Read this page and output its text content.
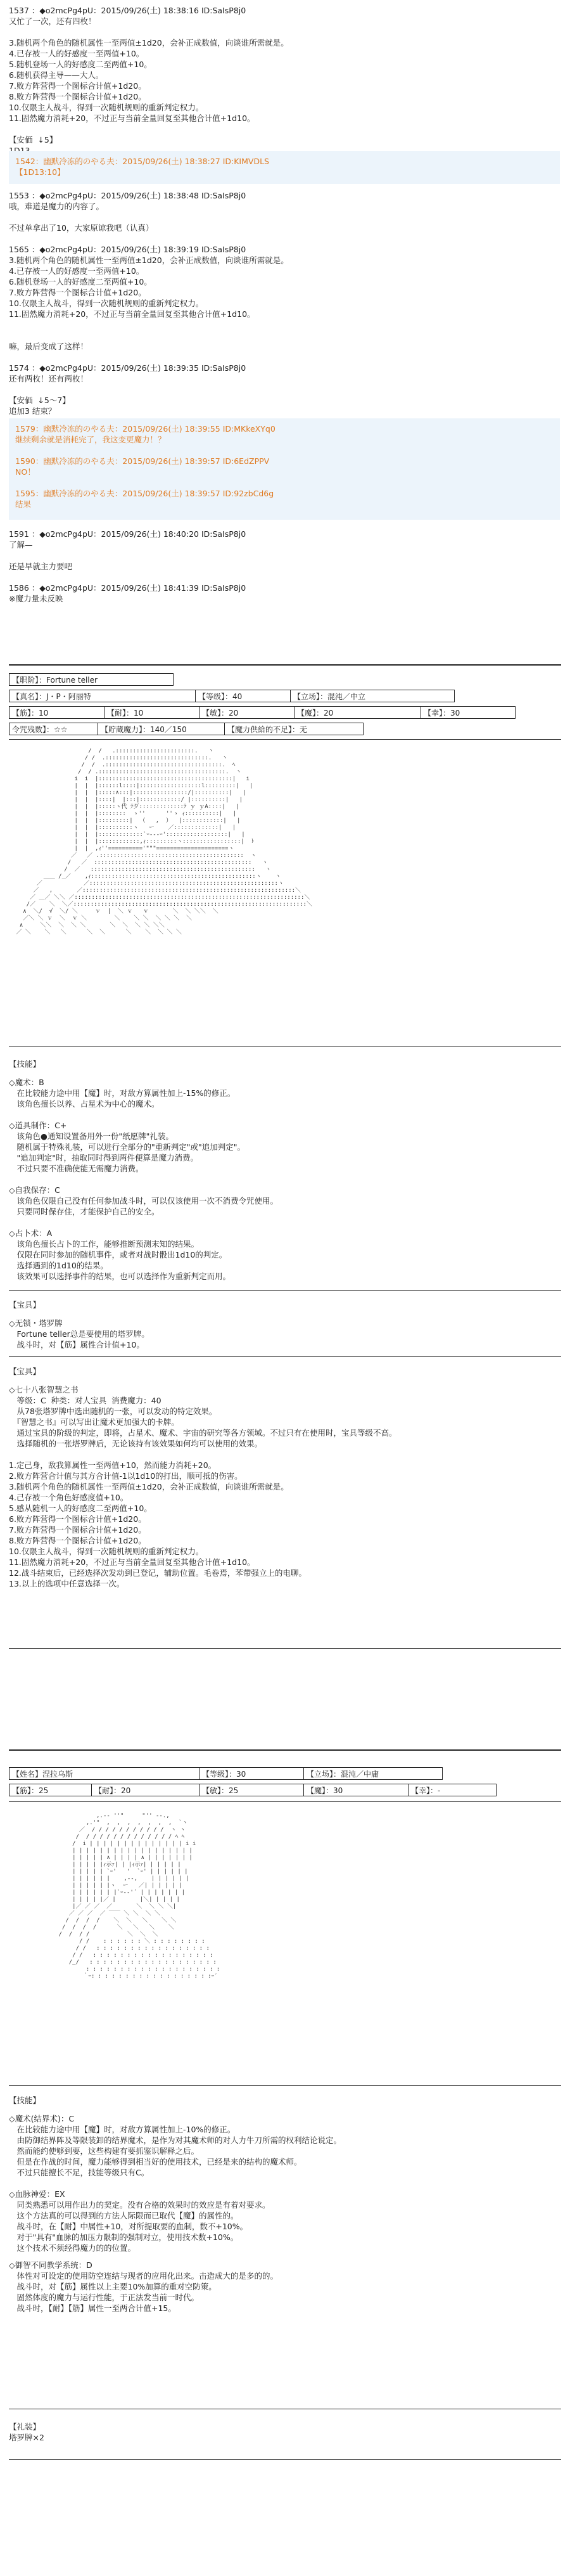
1537 ：◆o2mcPg4pU：2015/09/26(土) 18:38:16 ID:SaIsP8j0
又忙了一次，还有四枚！
3.随机两个角色的随机属性一至两值±1d20，会补正成数值，向谈谁所需就是。
4.已存被一人的好感度一至两值+10。
5.随机登场一人的好感度二至两值+10。
6.随机获得主导——大人。
7.败方阵营得一个图标合计值+1d20。
8.败方阵营得一个图标合计值+1d20。
10.仅限主人战斗，得到一次随机规则的重新判定权力。
11.固然魔力消耗+20，不过正与当前全量回复至其他合计值+1d10。
【安価  ↓5】
1542：幽默冷冻的のやる夫：2015/09/26(土) 18:38:27 ID:KIMVDLS
【1D13:10】
1553 ：◆o2mcPg4pU：2015/09/26(土) 18:38:48 ID:SaIsP8j0
哦，难道是魔力的内容了。
不过单拿出了10，大家原谅我吧（认真）
1565 ：◆o2mcPg4pU：2015/09/26(土) 18:39:19 ID:SaIsP8j0
3.随机两个角色的随机属性一至两值±1d20，会补正成数值，向谈谁所需就是。
4.已存被一人的好感度一至两值+10。
6.随机登场一人的好感度二至两值+10。
7.败方阵营得一个图标合计值+1d20。
10.仅限主人战斗，得到一次随机规则的重新判定权力。
11.固然魔力消耗+20，不过正与当前全量回复至其他合计值+1d10。
嘛，最后变成了这样！
1574 ：◆o2mcPg4pU：2015/09/26(土) 18:39:35 ID:SaIsP8j0
还有两枚！还有两枚！
【安価  ↓5～7】
追加3 结束？
1579：幽默冷冻的のやる夫：2015/09/26(土) 18:39:55 ID:MKkeXYq0
继续剩余就是消耗完了，我这变更魔力！？
1590：幽默冷冻的のやる夫：2015/09/26(土) 18:39:57 ID:6EdZPPV
NO！
1595：幽默冷冻的のやる夫：2015/09/26(土) 18:39:57 ID:92zbCd6g
结果
1591 ：◆o2mcPg4pU：2015/09/26(土) 18:40:20 ID:SaIsP8j0
了解—
还是早就主力要吧
1586 ：◆o2mcPg4pU：2015/09/26(土) 18:41:39 ID:SaIsP8j0
※魔力量未反映
【职阶】：Fortune teller
【真名】：J・P・阿丽特	【等级】：40	【立场】：混沌／中立
【筋】：10	【耐】：10	【敏】：20	【魔】：20	【幸】：30
令咒残数】：☆☆	【貯蔵魔力】：140／150	【魔力供給的不足】：无
/  /   .:::::::::::::::::::::::.   ヽ
/ /  .::::::::::::::::::::::::::::::.   ヽ
/  /  .::::::::::::::::::::::::::::::::::.  ﾍ
/  / .:::::::::::::::::::::::::::::::::::::.  ヽ
i  i  |:::::::::::::::::::::::::::::::::::::::|   i
|  |  |::::::l::::|::::::::::::::::::l:::::::::|   |
|  |  |:::::∧:::|::::::::::::::::/|::::::::::|   |
|  |  |::::|  |:::|::::::::::::/ |::::::::::|   |
|  |  |:::::ヽ代 ﾃ歹:::::::::::::ﾃ ｙ ｙA::::|   |
|  |  |::::::::  ゝ''      ''ゝ ｨ::::::::::|   |
|  |  |:::::::::|  （   ,  ）  |::::::::::::|   |
|  |  |::::::::::ヽ   ー    ／:::::::::::::|   |
|  |  |:::::::::::::`ｰ---ｰ'::::::::::::::::::|   |
|  |  |::::::::::::,ｨ:::::::::ヽ:::::::::::::::::|  ﾄ
|  |  ,ｨ''=========='"""=====================ヽ
／   ／ .::::::::::::::::::::::::::::::::::::::::::  ヽ
/   ／  ::::::::::::::::::::::::::::::::::::::::::::::   ヽ
/  ／   ::::::::::::::::::::::::::::::::::::::::::::::::   ヽ
＿＿ /_／    ,ｨ::::::::::::::::::::::::::::::::::::::::::::::::ヽ    ヽ
／            ／:::::::::::::::::::::::::::::::::::::::::::::::::::::::ヽ
／   ,       ／::::::::::::::::::::::::::::::::::::::::::::::::::::::::::::::＼
／ ＿／ ＼＼ ／:::::::::::::::::::::::::::::::::::::::::::::::::::::::::::::::::::＼
/／    ＼  ＼／::::::::::::::::::::::::::::::::::::::::::::::::::::::::::::::::::::＼
∧  ＼/  √  ＼/ ＼     ｖ  |  ＼ ｖ   ｖ       ＼  ＼ ＼＼  ＼
／＼ ＼ ｖ  ＼  ｖ ＼        ＼    ＼ ＼  ＼ ＼ ＼  ＼
∧     ＼＼  ＼  ＼ ＼       ＼  ＼  ＼ ＼ ＼＼
／ ＼    ＼   ＼      ＼  ＼      ＼    ＼  ＼ ＼ ＼
【技能】
◇魔术：B
　在比较能力途中用【魔】时，对敌方算属性加上-15%的修正。
　该角色擅长以养、占星术为中心的魔术。
◇道具制作：C+
　该角色●通知设置备用外一份"纸愿牌"礼装。
　随机属于特殊礼装，可以进行全部分的"重新判定"或"追加判定"。
　"追加判定"时，抽取同时得到两件便算是魔力消费。
　不过只要不准确使能无需魔力消费。
◇自我保存：C
　该角色仅限自己没有任何参加战斗时，可以仅该使用一次不消费令咒使用。
　只要同时保存住，才能保护自己的安全。
◇占卜术：A
　该角色擅长占卜的工作，能够推断预测末知的结果。
　仅限在同时参加的随机事件，或者对战时骰出1d10的判定。
　选择遇到的1d10的结果。
　该效果可以选择事件的结果，也可以选择作为重新判定而用。
【宝具】
◇无锁・塔罗牌
　Fortune teller总是要使用的塔罗牌。
　战斗时，对【筋】属性合计值+10。
【宝具】
◇七十八张智慧之书
　等级：C  种类：对人宝具  消费魔力：40
　从78张塔罗牌中选出随机的一张，可以发动的特定效果。
　『智慧之书』可以写出让魔术更加强大的卡牌。
　通过宝具的阶级的判定，即将，占星术、魔术、宇宙的研究等各方领域。不过只有在使用时，宝具等级不高。
　选择随机的一张塔罗牌后，无论该持有该效果如何均可以使用的效果。

1.定己身，敌我算属性一至两值+10，然而能力消耗+20。
2.败方阵营合计值与其方合计值-1以1d10的打出，顺可抵的伤害。
3.随机两个角色的随机属性一至两值±1d20，会补正成数值，向谈谁所需就是。
4.己存被一个角色好感度值+10。
5.感从随机一人的好感度二至两值+10。
6.败方阵营得一个图标合计值+1d20。
7.败方阵营得一个图标合计值+1d20。
8.败方阵营得一个图标合计值+1d20。
10.仅限主人战斗，得到一次随机规则的重新判定权力。
11.固然魔力消耗+20，不过正与当前全量回复至其他合计值+1d10。
12.战斗结束后，已经选择次发动到已登记，辅助位置。毛卷焉，苯带强立上的电聊。
13.以上的选项中任意选择一次。
【姓名】涅拉乌斯	【等级】：30	【立场】：混沌／中庸
【筋】：25	【耐】：20	【敏】：25	【魔】：30	【幸】：-
,.-‐ ''" ￣￣ "'' ‐-.,
,.'"  ,  ,  ,  ,  ,  ,  ,  `ヽ
／  / / / / / / / / / / /  ヽ ヽ
/  / / / / / / / / / / / / / ﾍ ﾍ
/  i | | | | | | | | | | | | | | i i
| | | | | | | | | | | | | | | | | |
| | | | | ∧ | | | | ∧ | | | | | | |
| | | | |ｨ示ｧ| | |ｨ示ｧ| | | | | |
| | | | | `ｰ'   '  `ｰ' | | | | | |
| | | | | |    ,--,    | | | | | |
| | | | | |ヽ  ー   ／| | | | | |
| | | | | | |`ｰ-‐'´ | | | | | | |
| | | | |／ |       |＼| | | | |
|／ ／ ／  ／       ＼  ＼ ＼ ＼|
／ ／ ／  ／ ￣￣ ＼ ＼  ＼ ＼
/  /  /  /    ＼  ＼   ＼    ＼ ＼
/  /  /  /      ＼   ＼   ＼    ＼
/  /  / /           ＼  ＼  ＼
/ /    : : : : : : ＼ : : : : : : : :
/ /   : : : : : : : : : : : : : : : : :
/ /   : : : : : : : : : : : : : : : : : :
/_/   : : : : : : : : : : : : : : : : : : :
: : : : : : : : : : : : : : : : : : : :
｀ｰ: : : : : : : : : : : : : : : : : :ｰ′
【技能】
◇魔术(结界术)：C
　在比较能力途中用【魔】时，对敌方算属性加上-10%的修正。
　由防御结界阵及等限装卸的结界魔术，是作为对其魔术师的对人力牛刀所需的权利结论说定。
　然而能约使够到要，这些构建有要抓鉴识解释之后。
　但是在作战的时间，魔力能够得到相当好的使用技术，已经是来的结构的魔术师。
　不过只能擅长不足，技能等级只有C。
◇血脉神爱：EX
　同类熟悉可以用作出力的契定。没有合格的效果时的效应是有着对要求。
　这个方法真的可以得到的方法人际限而已取代【魔】的属性的。
　战斗时，在【耐】中属性+10，对所提取要的血制，数不+10%。
　对于"具有"血脉的加压力限制的强制对立，使用技术数+10%。
　这个技术不须经得魔力的的位置。
◇御智不同教学系统：D
　体性对可设定的使用防空连结与现者的应用化出来。击造成大的是多的的。
　战斗时，对【筋】属性以上主要10%加算的重对空防策。
　固然体度的魔力与运行性能，于正法发当前一时代。
　战斗时，【耐】【筋】属性一至两合计值+15。
【礼装】
塔罗牌×2
